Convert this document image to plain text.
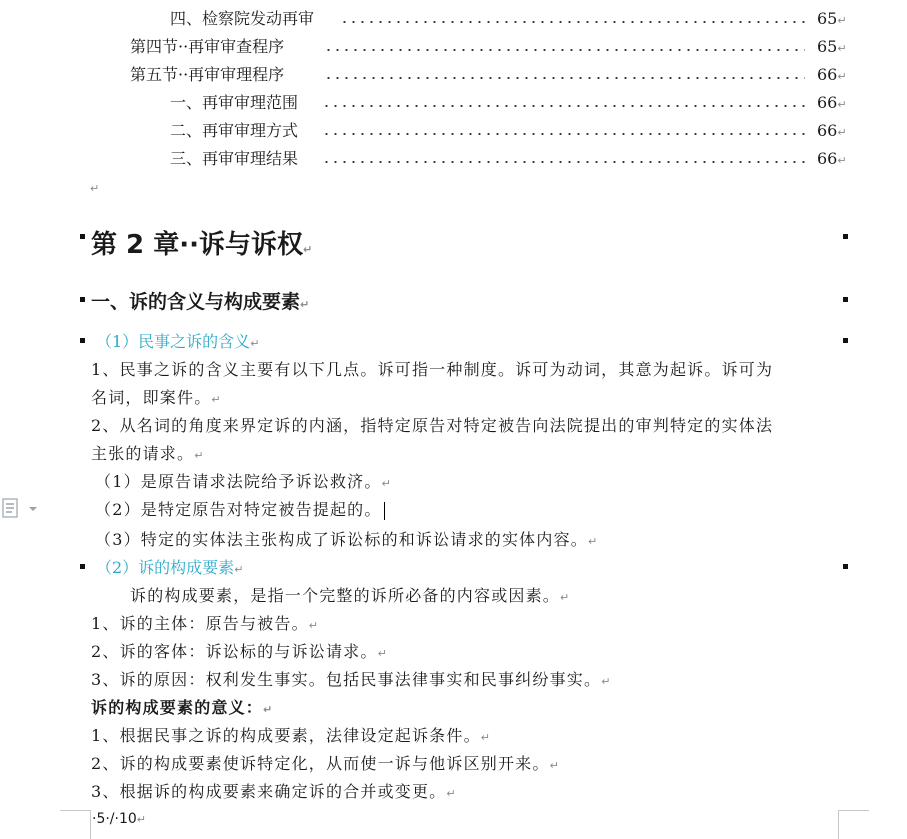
四、检察院发动再审	65↵
第四节··再审审查程序	65↵
第五节··再审审理程序	66↵
一、再审审理范围	66↵
二、再审审理方式	66↵
三、再审审理结果	66↵
↵
第 2 章··诉与诉权↵
一、诉的含义与构成要素↵
（1）民事之诉的含义↵
1、民事之诉的含义主要有以下几点。诉可指一种制度。诉可为动词，其意为起诉。诉可为
名词，即案件。↵
2、从名词的角度来界定诉的内涵，指特定原告对特定被告向法院提出的审判特定的实体法
主张的请求。↵
（1）是原告请求法院给予诉讼救济。↵
（2）是特定原告对特定被告提起的。
（3）特定的实体法主张构成了诉讼标的和诉讼请求的实体内容。↵
（2）诉的构成要素↵
诉的构成要素，是指一个完整的诉所必备的内容或因素。↵
1、诉的主体：原告与被告。↵
2、诉的客体：诉讼标的与诉讼请求。↵
3、诉的原因：权利发生事实。包括民事法律事实和民事纠纷事实。↵
诉的构成要素的意义：↵
1、根据民事之诉的构成要素，法律设定起诉条件。↵
2、诉的构成要素使诉特定化，从而使一诉与他诉区别开来。↵
3、根据诉的构成要素来确定诉的合并或变更。↵
·5·/·10↵
